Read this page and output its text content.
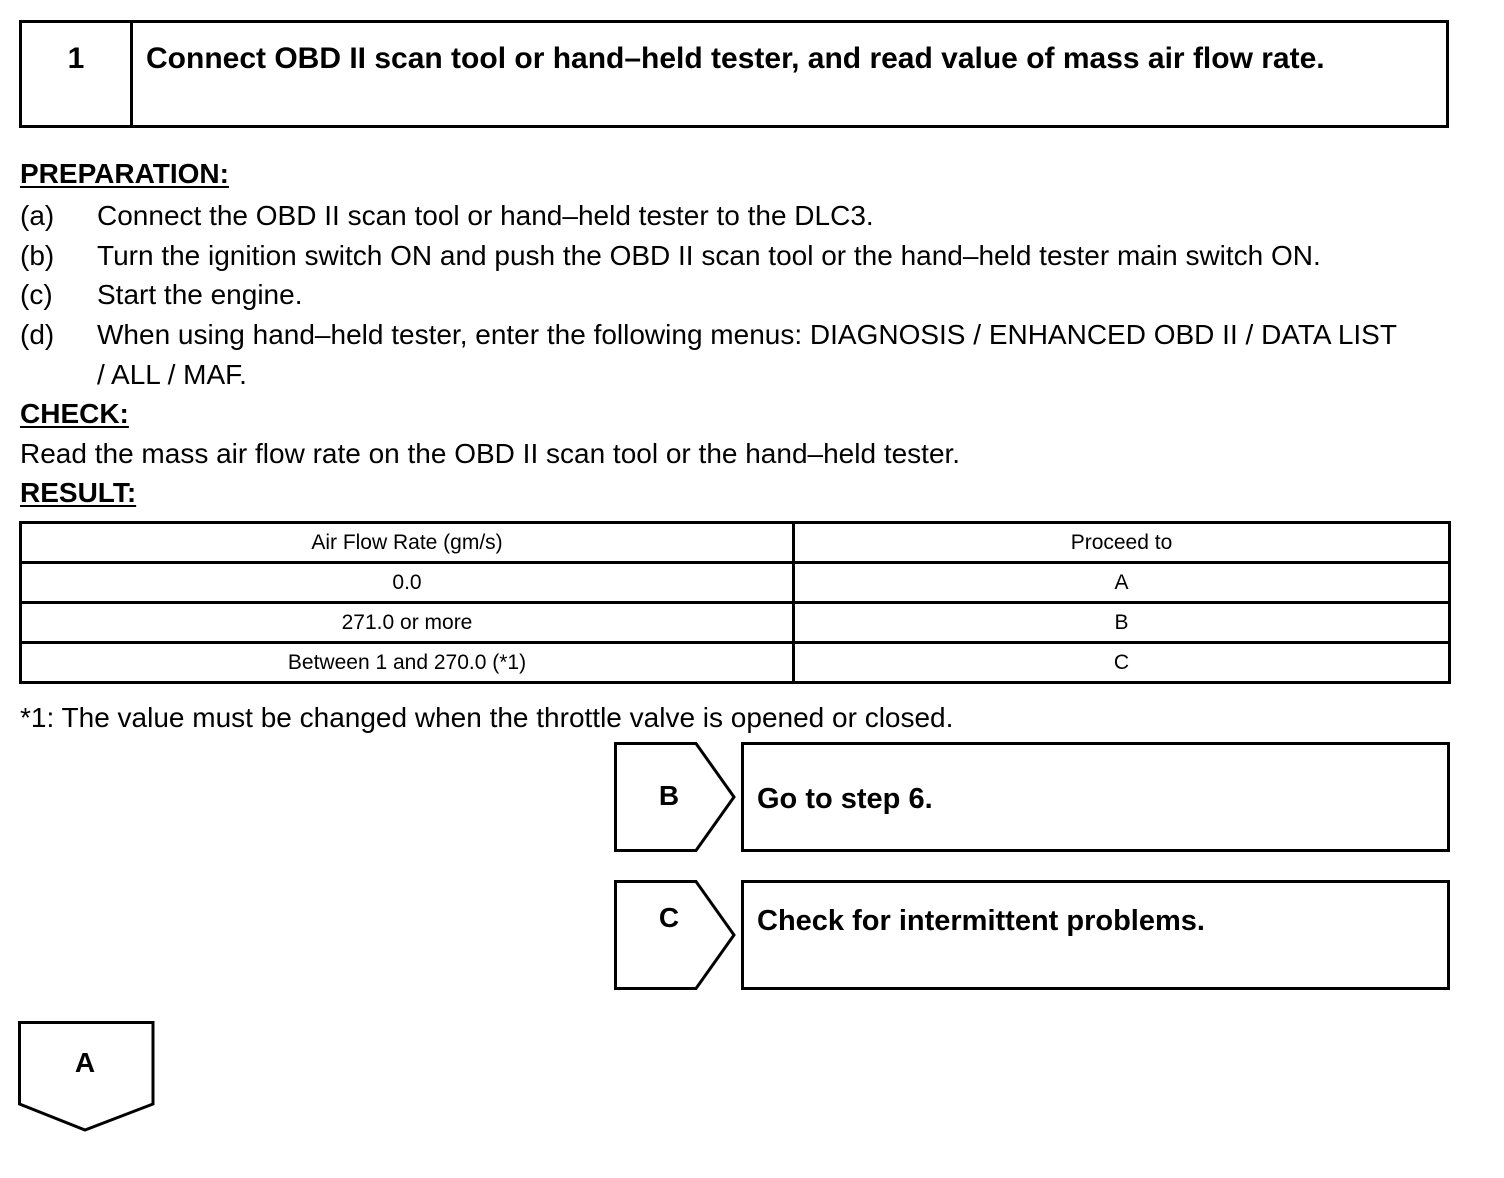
1	Connect OBD II scan tool or hand–held tester, and read value of mass air flow rate.
PREPARATION:
(a) Connect the OBD II scan tool or hand–held tester to the DLC3.
(b) Turn the ignition switch ON and push the OBD II scan tool or the hand–held tester main switch ON.
(c) Start the engine.
(d) When using hand–held tester, enter the following menus: DIAGNOSIS / ENHANCED OBD II / DATA LIST / ALL / MAF.
CHECK:
Read the mass air flow rate on the OBD II scan tool or the hand–held tester.
RESULT:
Air Flow Rate (gm/s)	Proceed to
0.0	A
271.0 or more	B
Between 1 and 270.0 (*1)	C
*1: The value must be changed when the throttle valve is opened or closed.
B	Go to step 6.
C	Check for intermittent problems.
A
